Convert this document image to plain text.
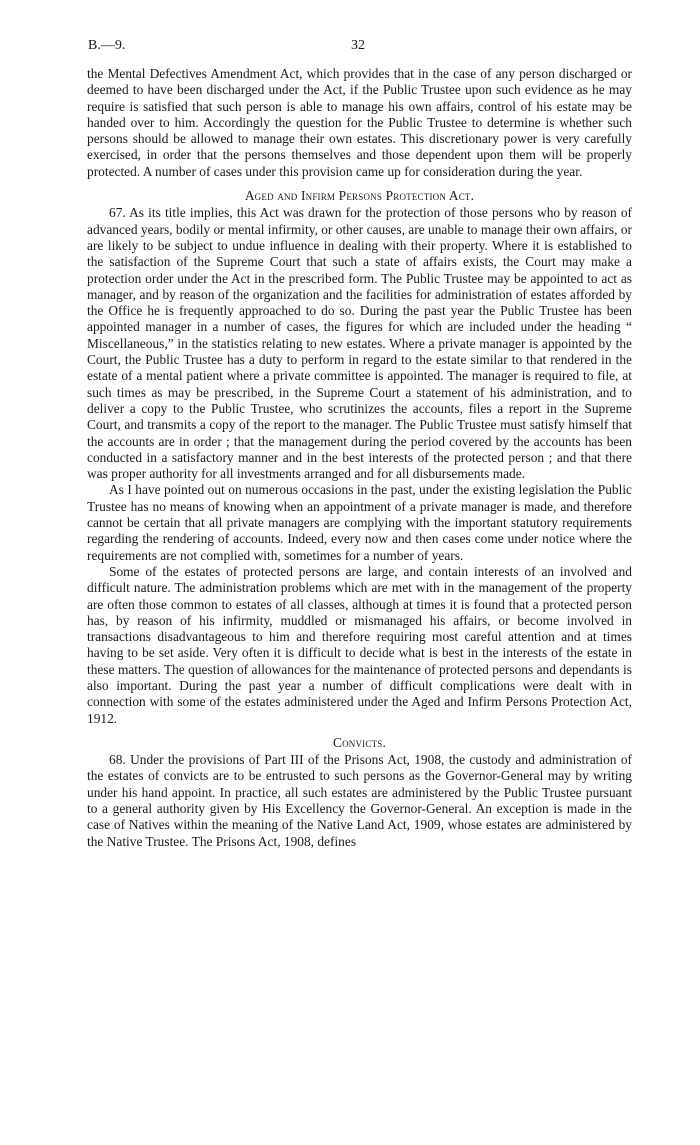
B.—9.	32

the Mental Defectives Amendment Act, which provides that in the case of any person discharged or deemed to have been discharged under the Act, if the Public Trustee upon such evidence as he may require is satisfied that such person is able to manage his own affairs, control of his estate may be handed over to him. Accordingly the question for the Public Trustee to determine is whether such persons should be allowed to manage their own estates. This discretionary power is very carefully exercised, in order that the persons themselves and those dependent upon them will be properly protected. A number of cases under this provision came up for consideration during the year.

Aged and Infirm Persons Protection Act.

67. As its title implies, this Act was drawn for the protection of those persons who by reason of advanced years, bodily or mental infirmity, or other causes, are unable to manage their own affairs, or are likely to be subject to undue influence in dealing with their property. Where it is established to the satisfaction of the Supreme Court that such a state of affairs exists, the Court may make a protection order under the Act in the prescribed form. The Public Trustee may be appointed to act as manager, and by reason of the organization and the facilities for administration of estates afforded by the Office he is frequently approached to do so. During the past year the Public Trustee has been appointed manager in a number of cases, the figures for which are included under the heading “ Miscellaneous,” in the statistics relating to new estates. Where a private manager is appointed by the Court, the Public Trustee has a duty to perform in regard to the estate similar to that rendered in the estate of a mental patient where a private committee is appointed. The manager is required to file, at such times as may be prescribed, in the Supreme Court a statement of his administration, and to deliver a copy to the Public Trustee, who scrutinizes the accounts, files a report in the Supreme Court, and transmits a copy of the report to the manager. The Public Trustee must satisfy himself that the accounts are in order ; that the management during the period covered by the accounts has been conducted in a satisfactory manner and in the best interests of the protected person ; and that there was proper authority for all investments arranged and for all disbursements made.

As I have pointed out on numerous occasions in the past, under the existing legislation the Public Trustee has no means of knowing when an appointment of a private manager is made, and therefore cannot be certain that all private managers are complying with the important statutory requirements regarding the rendering of accounts. Indeed, every now and then cases come under notice where the requirements are not complied with, sometimes for a number of years.

Some of the estates of protected persons are large, and contain interests of an involved and difficult nature. The administration problems which are met with in the management of the property are often those common to estates of all classes, although at times it is found that a protected person has, by reason of his infirmity, muddled or mismanaged his affairs, or become involved in transactions disadvantageous to him and therefore requiring most careful attention and at times having to be set aside. Very often it is difficult to decide what is best in the interests of the estate in these matters. The question of allowances for the maintenance of protected persons and dependants is also important. During the past year a number of difficult complications were dealt with in connection with some of the estates administered under the Aged and Infirm Persons Protection Act, 1912.

Convicts.

68. Under the provisions of Part III of the Prisons Act, 1908, the custody and administration of the estates of convicts are to be entrusted to such persons as the Governor-General may by writing under his hand appoint. In practice, all such estates are administered by the Public Trustee pursuant to a general authority given by His Excellency the Governor-General. An exception is made in the case of Natives within the meaning of the Native Land Act, 1909, whose estates are administered by the Native Trustee. The Prisons Act, 1908, defines
